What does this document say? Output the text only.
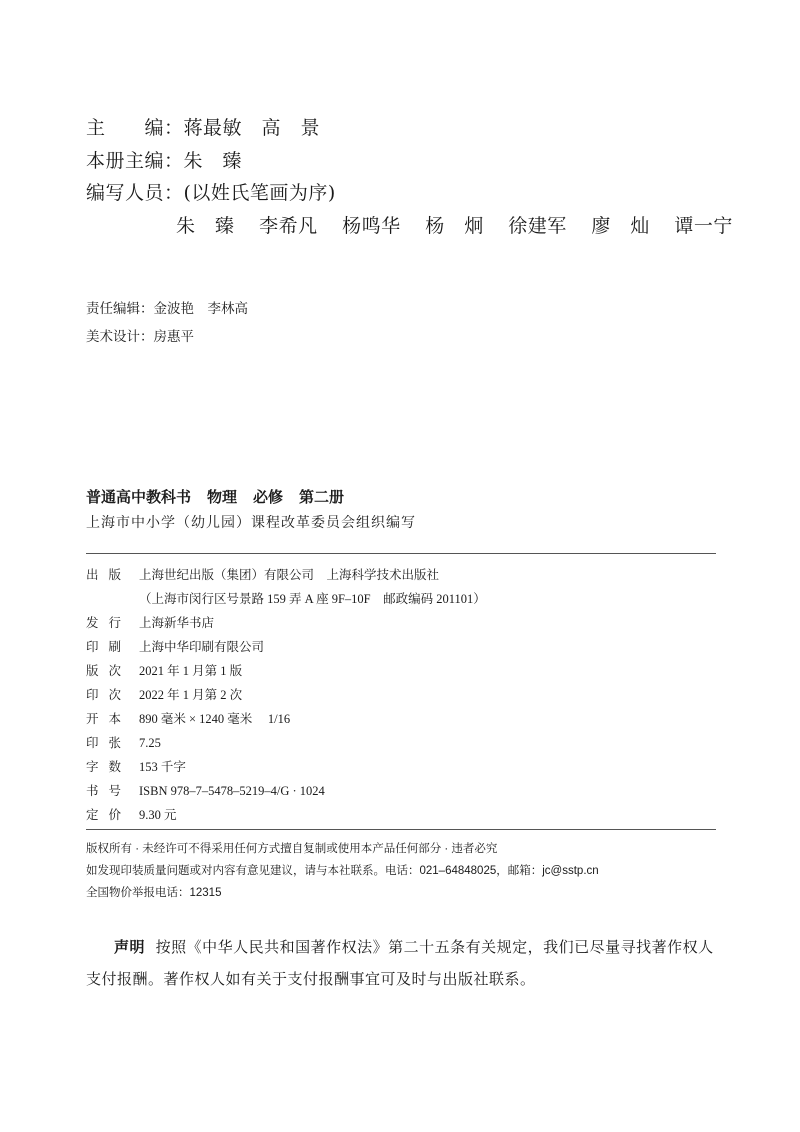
主　　编：蒋最敏　高　景
本册主编：朱　臻
编写人员：(以姓氏笔画为序)
朱　臻 李希凡 杨鸣华 杨　炯 徐建军 廖　灿 谭一宁
责任编辑：金波艳　李林高
美术设计：房惠平
普通高中教科书 物理 必修 第二册
上海市中小学（幼儿园）课程改革委员会组织编写
出版 上海世纪出版（集团）有限公司　上海科学技术出版社
（上海市闵行区号景路 159 弄 A 座 9F–10F　邮政编码 201101）
发行 上海新华书店
印刷 上海中华印刷有限公司
版次 2021 年 1 月第 1 版
印次 2022 年 1 月第 2 次
开本 890 毫米 × 1240 毫米　 1/16
印张 7.25
字数 153 千字
书号 ISBN 978–7–5478–5219–4/G · 1024
定价 9.30 元
版权所有 · 未经许可不得采用任何方式擅自复制或使用本产品任何部分 · 违者必究
如发现印装质量问题或对内容有意见建议，请与本社联系。电话：021–64848025，邮箱：jc@sstp.cn
全国物价举报电话：12315
声明 按照《中华人民共和国著作权法》第二十五条有关规定，我们已尽量寻找著作权人支付报酬。著作权人如有关于支付报酬事宜可及时与出版社联系。
